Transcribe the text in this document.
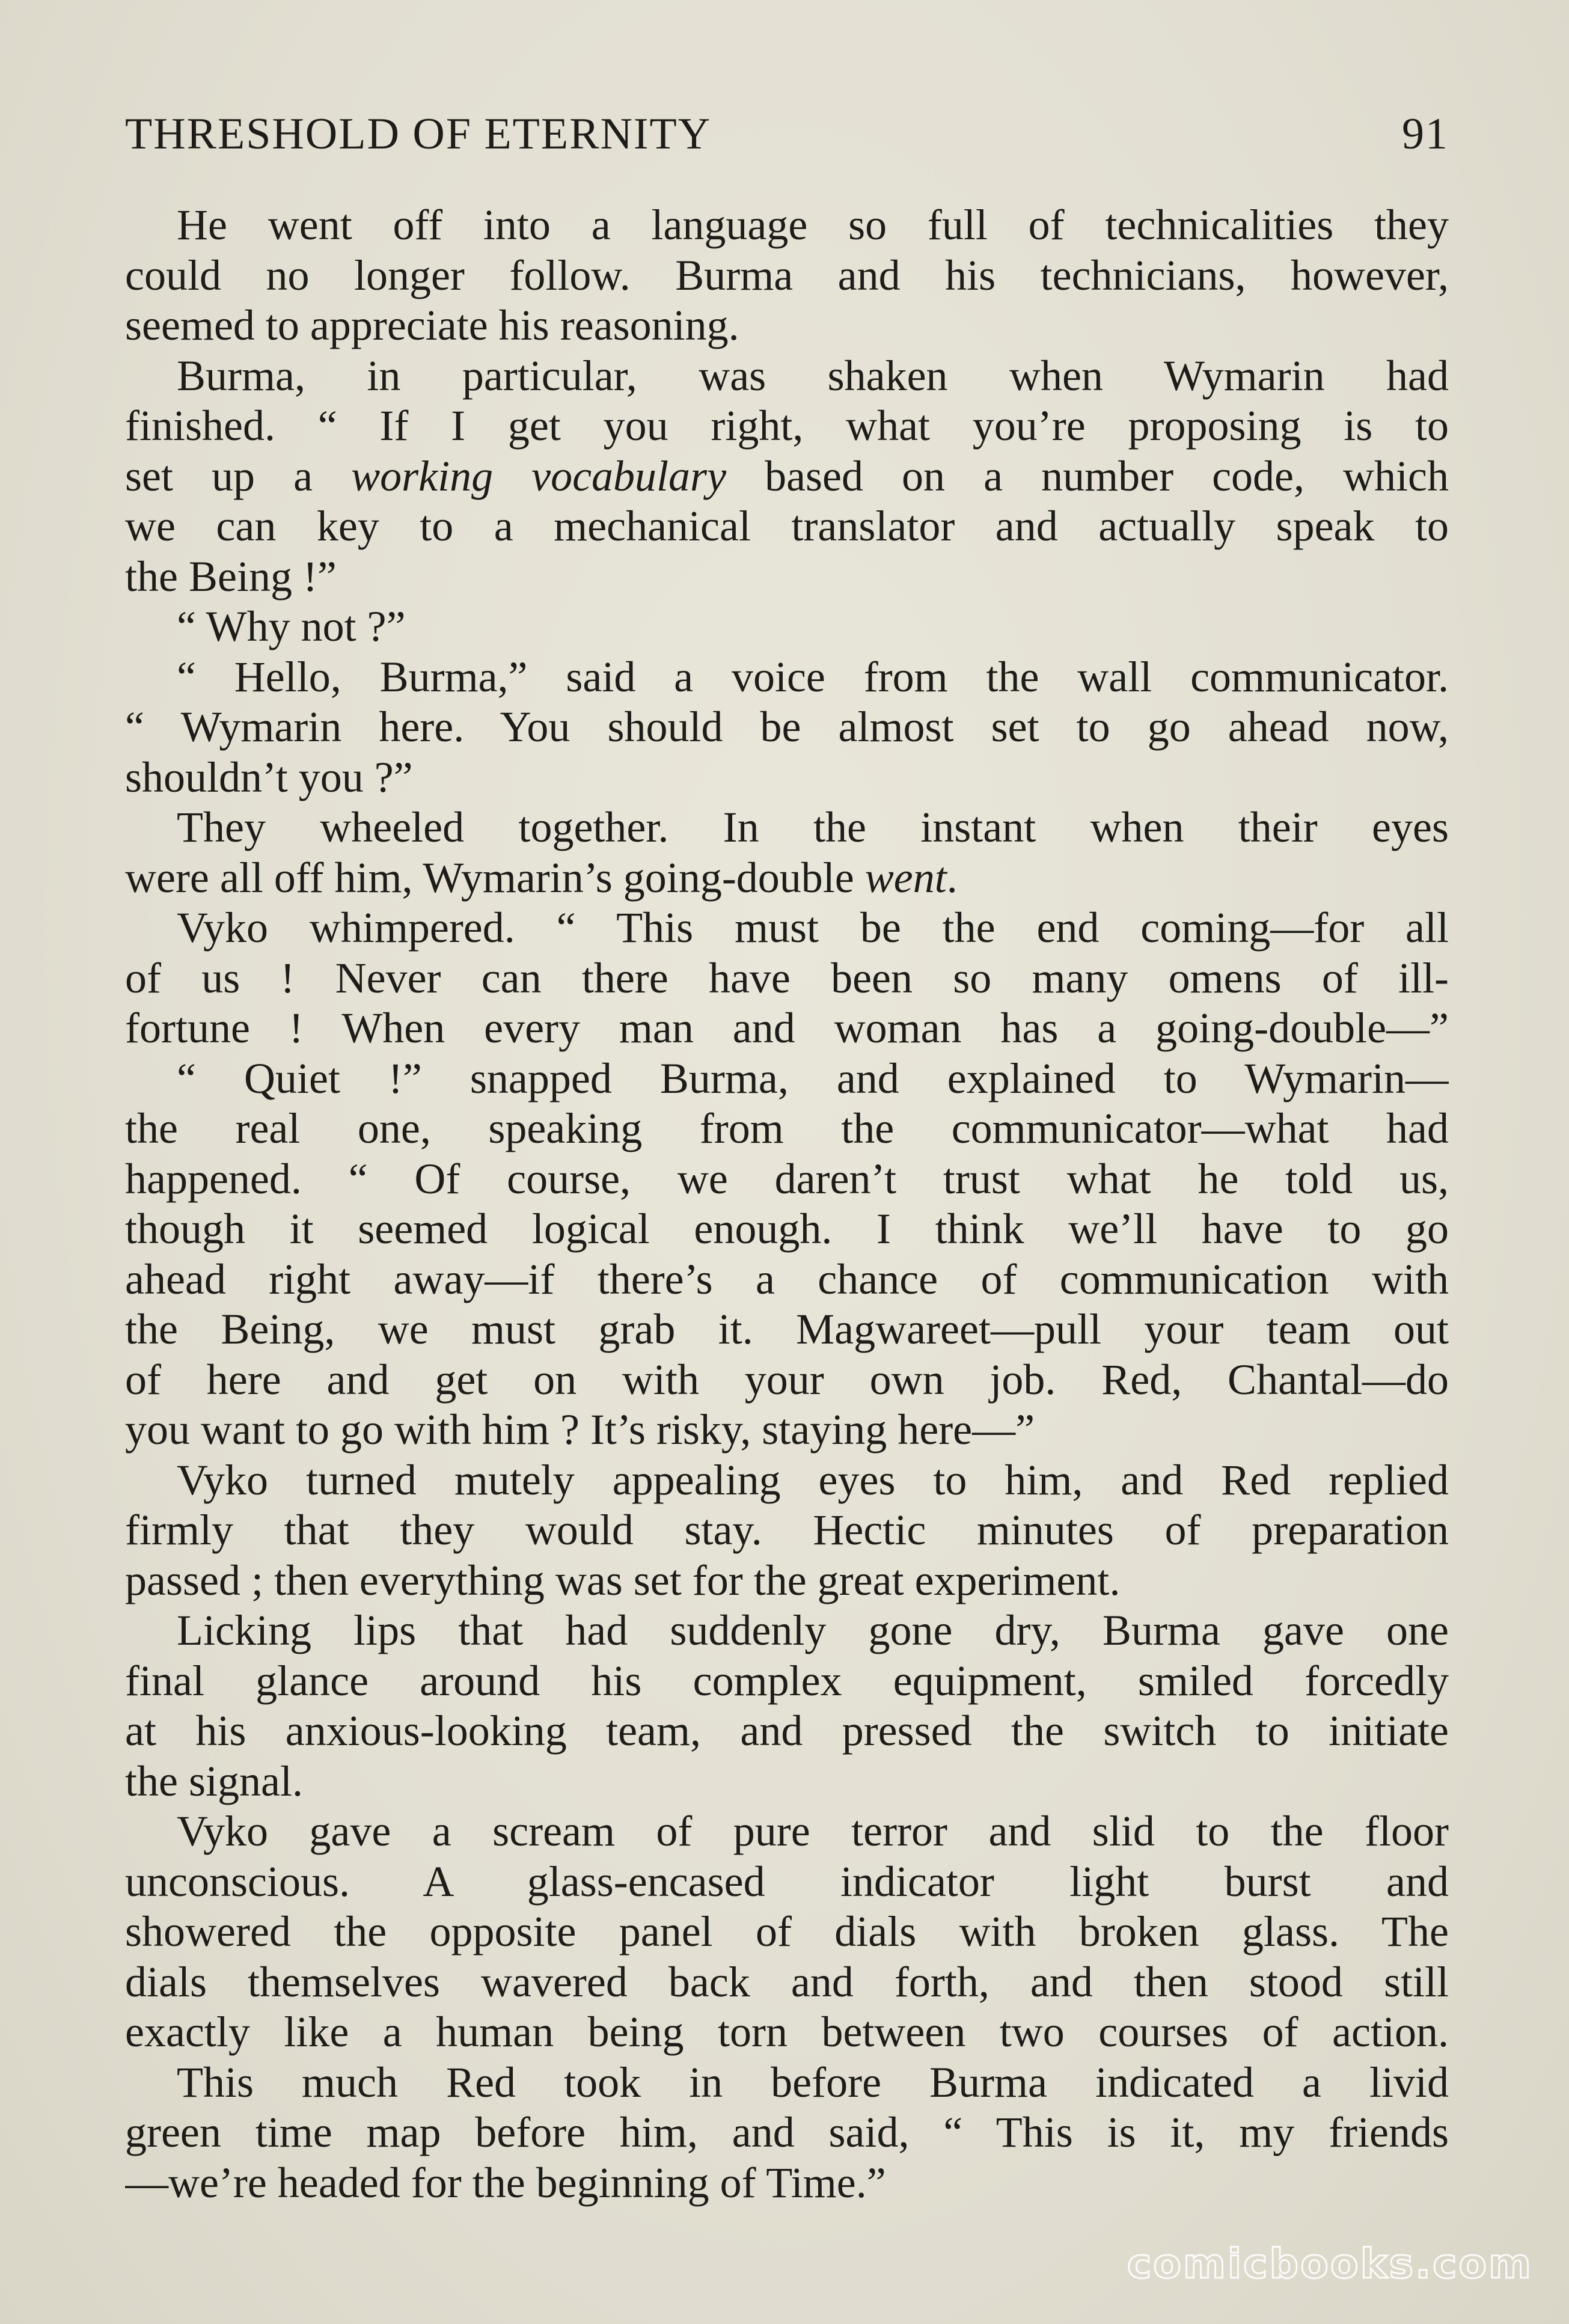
THRESHOLD OF ETERNITY	91
He went off into a language so full of technicalities they
could no longer follow. Burma and his technicians, however,
seemed to appreciate his reasoning.
Burma, in particular, was shaken when Wymarin had
finished. “ If I get you right, what you’re proposing is to
set up a working vocabulary based on a number code, which
we can key to a mechanical translator and actually speak to
the Being !”
“ Why not ?”
“ Hello, Burma,” said a voice from the wall communicator.
“ Wymarin here. You should be almost set to go ahead now,
shouldn’t you ?”
They wheeled together. In the instant when their eyes
were all off him, Wymarin’s going-double went.
Vyko whimpered. “ This must be the end coming—for all
of us ! Never can there have been so many omens of ill-
fortune ! When every man and woman has a going-double—”
“ Quiet !” snapped Burma, and explained to Wymarin—
the real one, speaking from the communicator—what had
happened. “ Of course, we daren’t trust what he told us,
though it seemed logical enough. I think we’ll have to go
ahead right away—if there’s a chance of communication with
the Being, we must grab it. Magwareet—pull your team out
of here and get on with your own job. Red, Chantal—do
you want to go with him ? It’s risky, staying here—”
Vyko turned mutely appealing eyes to him, and Red replied
firmly that they would stay. Hectic minutes of preparation
passed ; then everything was set for the great experiment.
Licking lips that had suddenly gone dry, Burma gave one
final glance around his complex equipment, smiled forcedly
at his anxious-looking team, and pressed the switch to initiate
the signal.
Vyko gave a scream of pure terror and slid to the floor
unconscious. A glass-encased indicator light burst and
showered the opposite panel of dials with broken glass. The
dials themselves wavered back and forth, and then stood still
exactly like a human being torn between two courses of action.
This much Red took in before Burma indicated a livid
green time map before him, and said, “ This is it, my friends
—we’re headed for the beginning of Time.”
comicbooks.com
